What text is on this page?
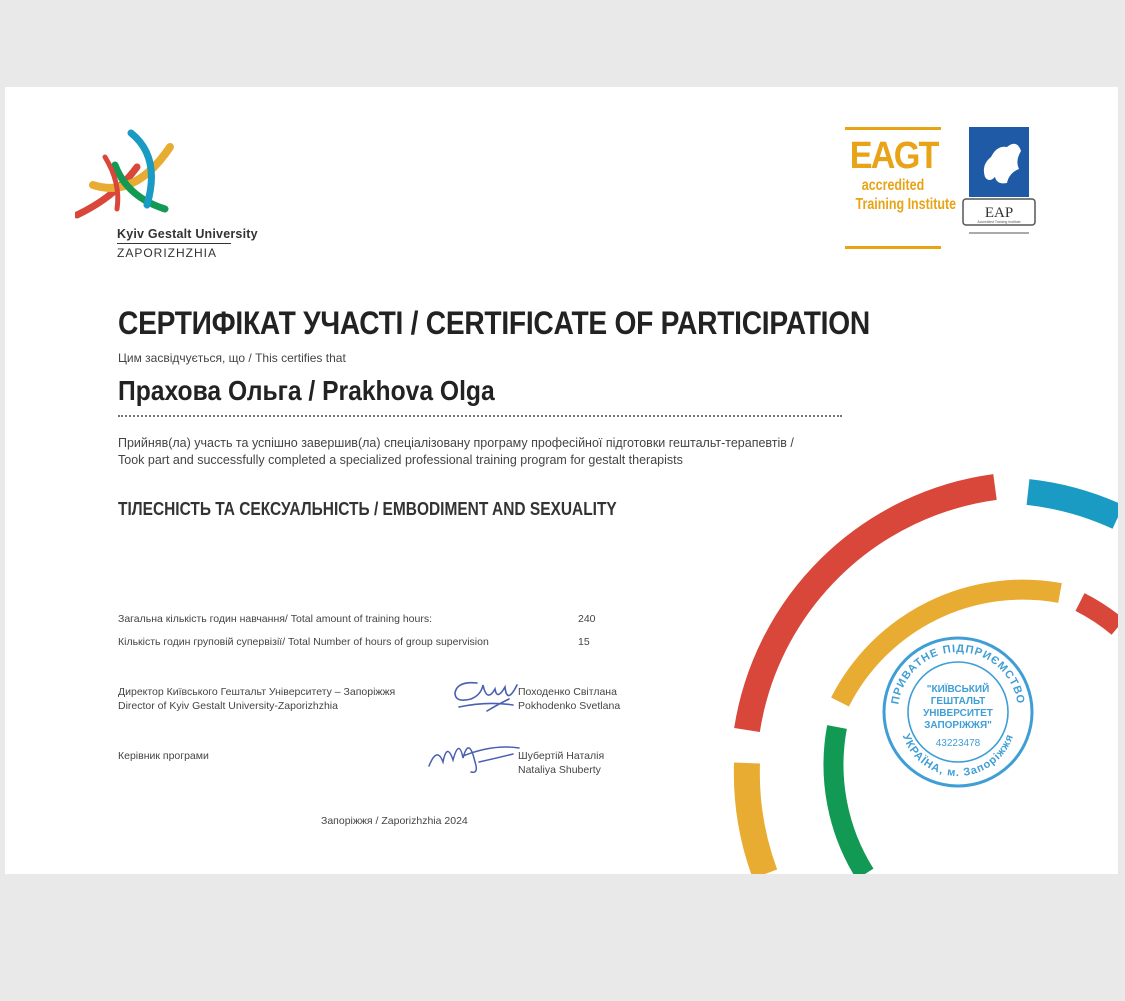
Kyiv Gestalt University
ZAPORIZHZHIA
EAGT
accredited
Training Institute EAP
Accredited Training Institute
СЕРТИФІКАТ УЧАСТІ / CERTIFICATE OF PARTICIPATION
Цим засвідчується, що / This certifies that
Прахова Ольга / Prakhova Olga
Прийняв(ла) участь та успішно завершив(ла) спеціалізовану програму професійної підготовки гештальт-терапевтів /
Took part and successfully completed a specialized professional training program for gestalt therapists
ТІЛЕСНІСТЬ ТА СЕКСУАЛЬНІСТЬ / EMBODIMENT AND SEXUALITY
Загальна кількість годин навчання/ Total amount of training hours:	240
Кількість годин груповій супервізії/ Total Number of hours of group supervision	15
Директор Київського Гештальт Університету – Запоріжжя
Director of Kyiv Gestalt University-Zaporizhzhia
Походенко Світлана
Pokhodenko Svetlana
Керівник програми	Шубертій Наталія
Nataliya Shuberty
ПРИВАТНЕ ПІДПРИЄМСТВО
УКРАЇНА, м. Запоріжжя
"КИЇВСЬКИЙ
ГЕШТАЛЬТ
УНІВЕРСИТЕТ
ЗАПОРІЖЖЯ"
43223478
Запоріжжя / Zaporizhzhia 2024
